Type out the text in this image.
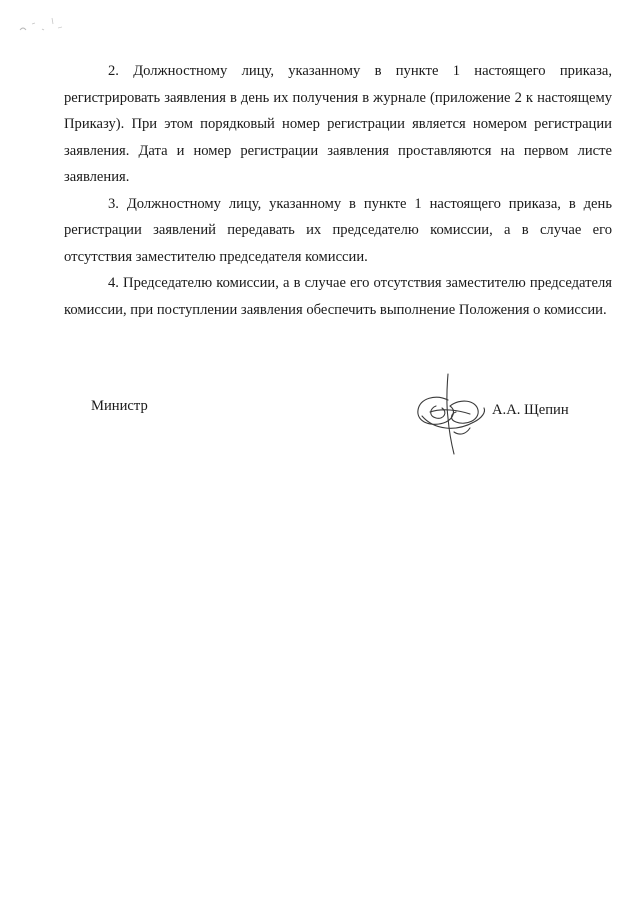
2. Должностному лицу, указанному в пункте 1 настоящего приказа, регистрировать заявления в день их получения в журнале (приложение 2 к настоящему Приказу). При этом порядковый номер регистрации является номером регистрации заявления. Дата и номер регистрации заявления проставляются на первом листе заявления.

3. Должностному лицу, указанному в пункте 1 настоящего приказа, в день регистрации заявлений передавать их председателю комиссии, а в случае его отсутствия заместителю председателя комиссии.

4. Председателю комиссии, а в случае его отсутствия заместителю председателя комиссии, при поступлении заявления обеспечить выполнение Положения о комиссии.

Министр	А.А. Щепин
